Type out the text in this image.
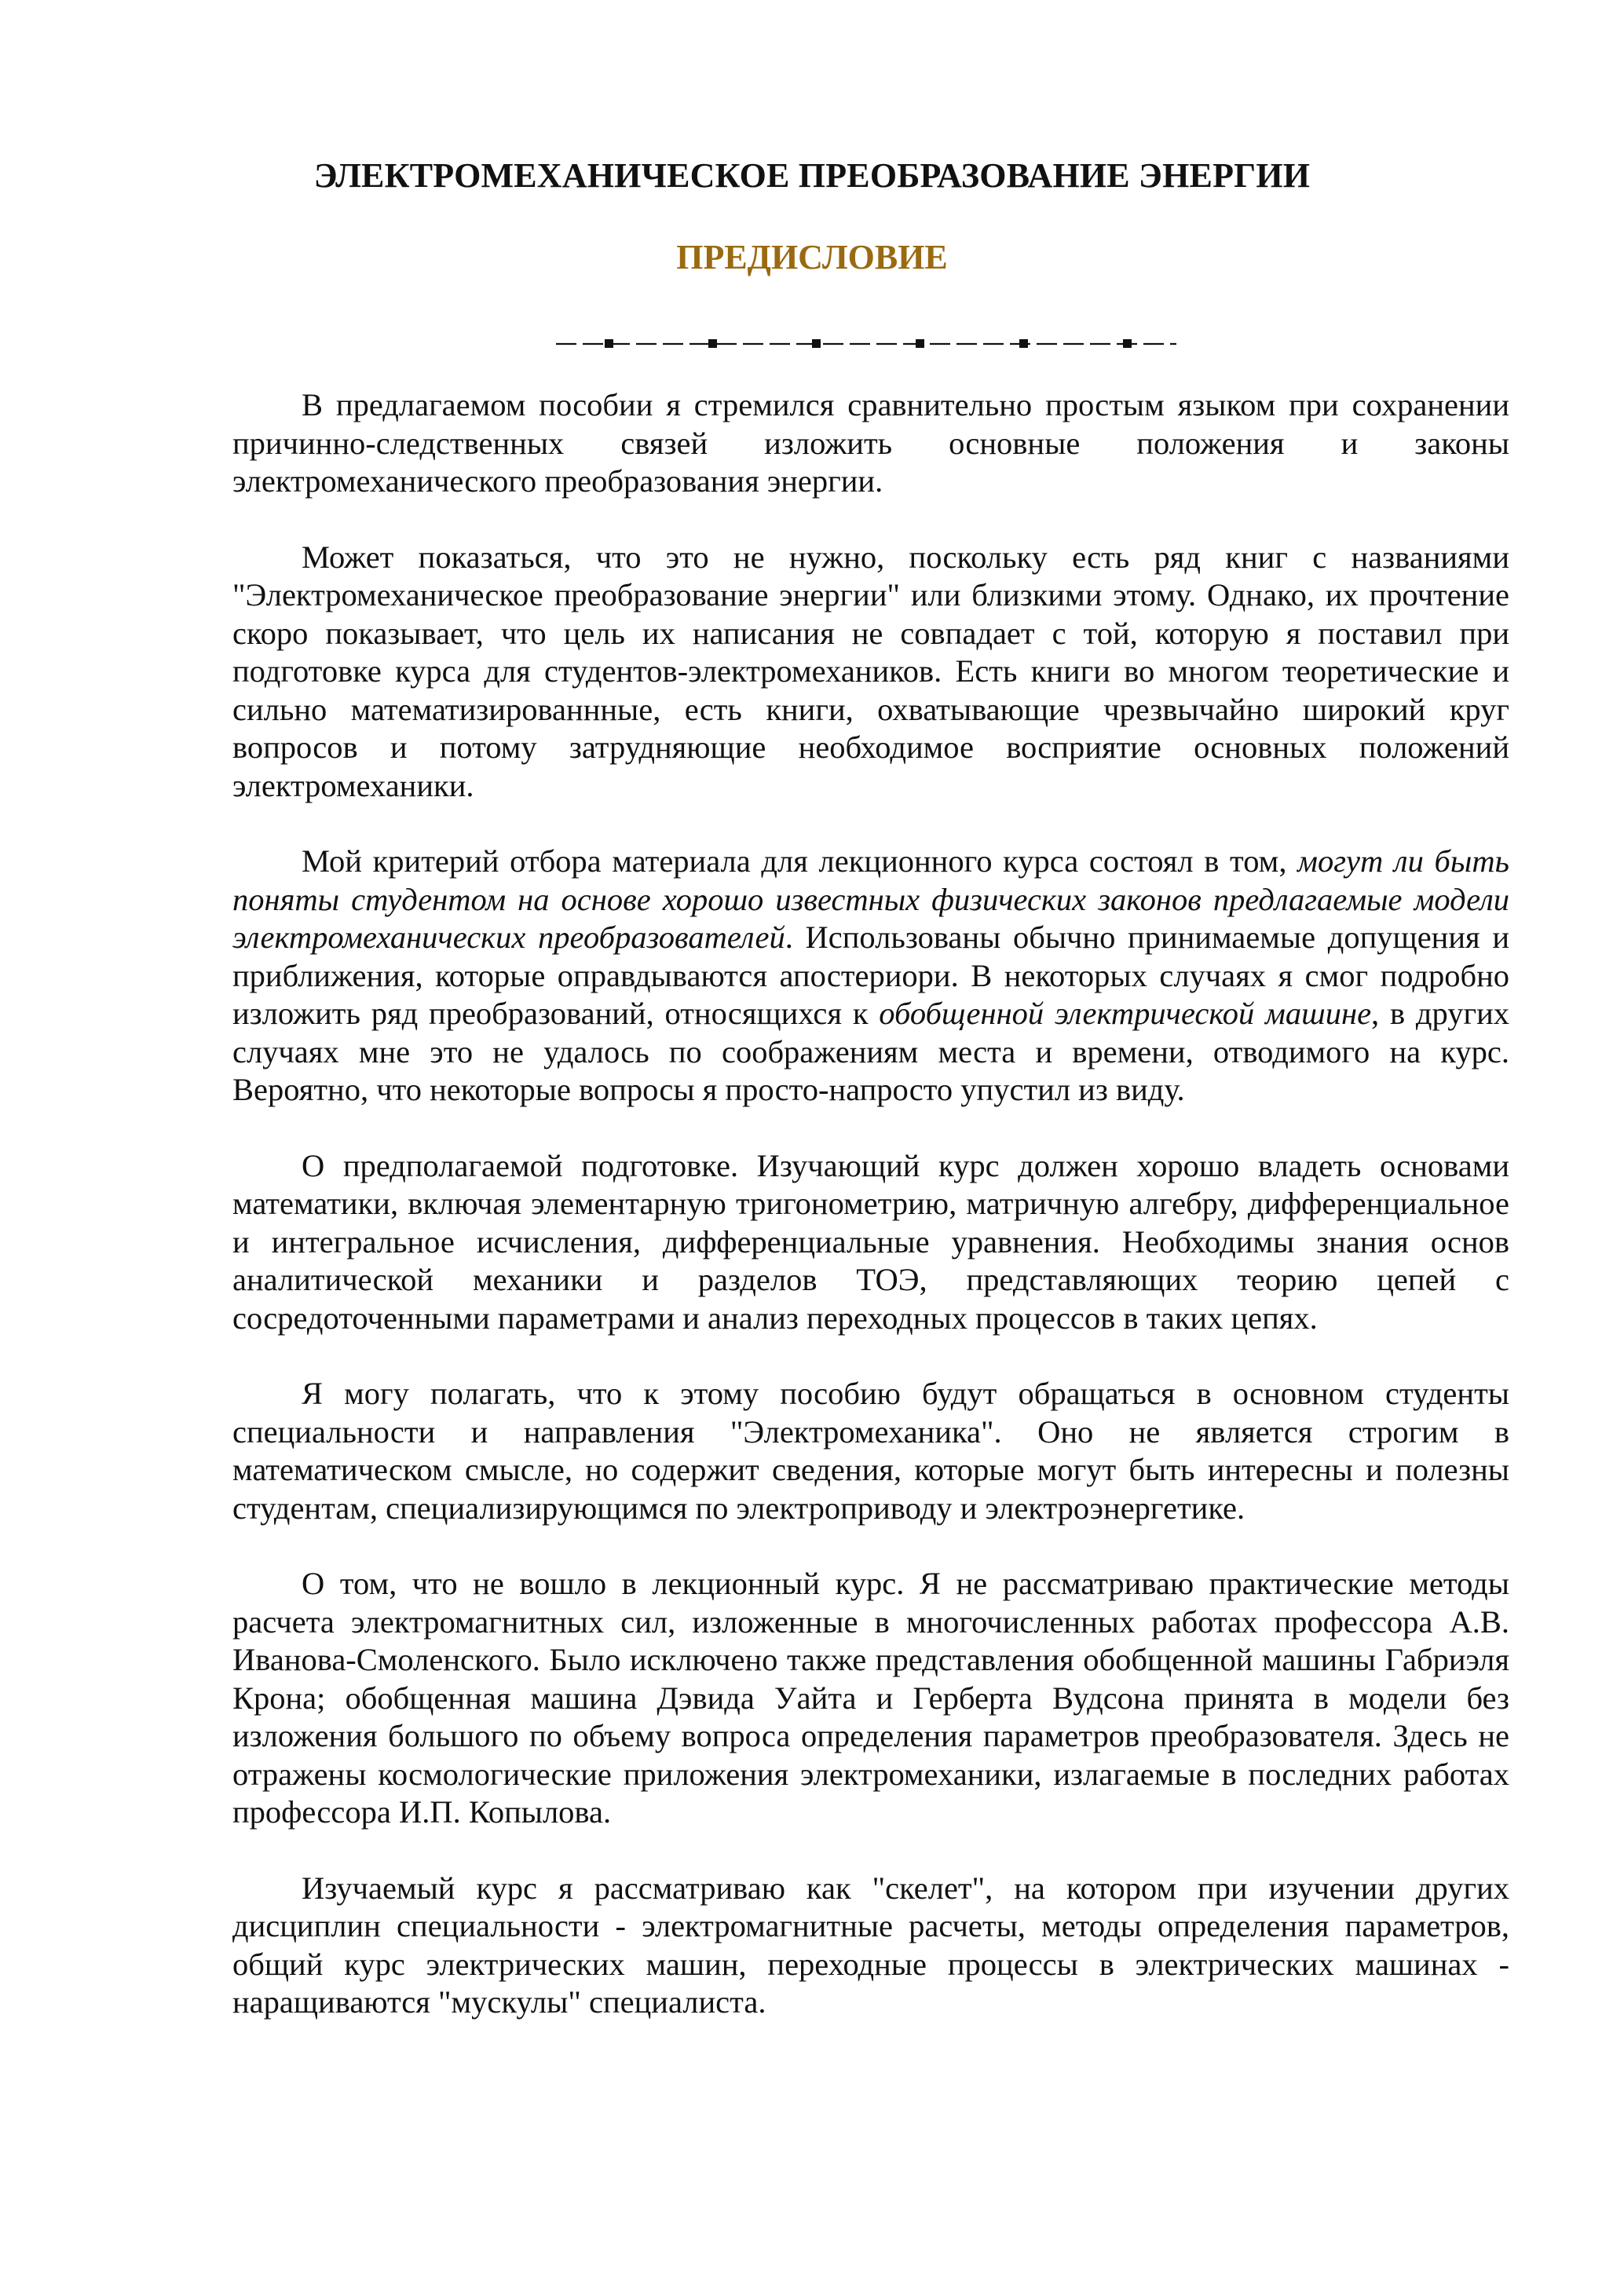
ЭЛЕКТРОМЕХАНИЧЕСКОЕ ПРЕОБРАЗОВАНИЕ ЭНЕРГИИ
ПРЕДИСЛОВИЕ

В предлагаемом пособии я стремился сравнительно простым языком при сохранении причинно-следственных связей изложить основные положения и законы электромеханического преобразования энергии.

Может показаться, что это не нужно, поскольку есть ряд книг с названиями "Электромеханическое преобразование энергии" или близкими этому. Однако, их прочтение скоро показывает, что цель их написания не совпадает с той, которую я поставил при подготовке курса для студентов-электромехаников. Есть книги во многом теоретические и сильно математизированнные, есть книги, охватывающие чрезвычайно широкий круг вопросов и потому затрудняющие необходимое восприятие основных положений электромеханики.

Мой критерий отбора материала для лекционного курса состоял в том, могут ли быть поняты студентом на основе хорошо известных физических законов предлагаемые модели электромеханических преобразователей. Использованы обычно принимаемые допущения и приближения, которые оправдываются апостериори. В некоторых случаях я смог подробно изложить ряд преобразований, относящихся к обобщенной электрической машине, в других случаях мне это не удалось по соображениям места и времени, отводимого на курс. Вероятно, что некоторые вопросы я просто-напросто упустил из виду.

О предполагаемой подготовке. Изучающий курс должен хорошо владеть основами математики, включая элементарную тригонометрию, матричную алгебру, дифференциальное и интегральное исчисления, дифференциальные уравнения. Необходимы знания основ аналитической механики и разделов ТОЭ, представляющих теорию цепей с сосредоточенными параметрами и анализ переходных процессов в таких цепях.

Я могу полагать, что к этому пособию будут обращаться в основном студенты специальности и направления "Электромеханика". Оно не является строгим в математическом смысле, но содержит сведения, которые могут быть интересны и полезны студентам, специализирующимся по электроприводу и электроэнергетике.

О том, что не вошло в лекционный курс. Я не рассматриваю практические методы расчета электромагнитных сил, изложенные в многочисленных работах профессора А.В. Иванова-Смоленского. Было исключено также представления обобщенной машины Габриэля Крона; обобщенная машина Дэвида Уайта и Герберта Вудсона принята в модели без изложения большого по объему вопроса определения параметров преобразователя. Здесь не отражены космологические приложения электромеханики, излагаемые в последних работах профессора И.П. Копылова.

Изучаемый курс я рассматриваю как "скелет", на котором при изучении других дисциплин специальности - электромагнитные расчеты, методы определения параметров, общий курс электрических машин, переходные процессы в электрических машинах - наращиваются "мускулы" специалиста.
